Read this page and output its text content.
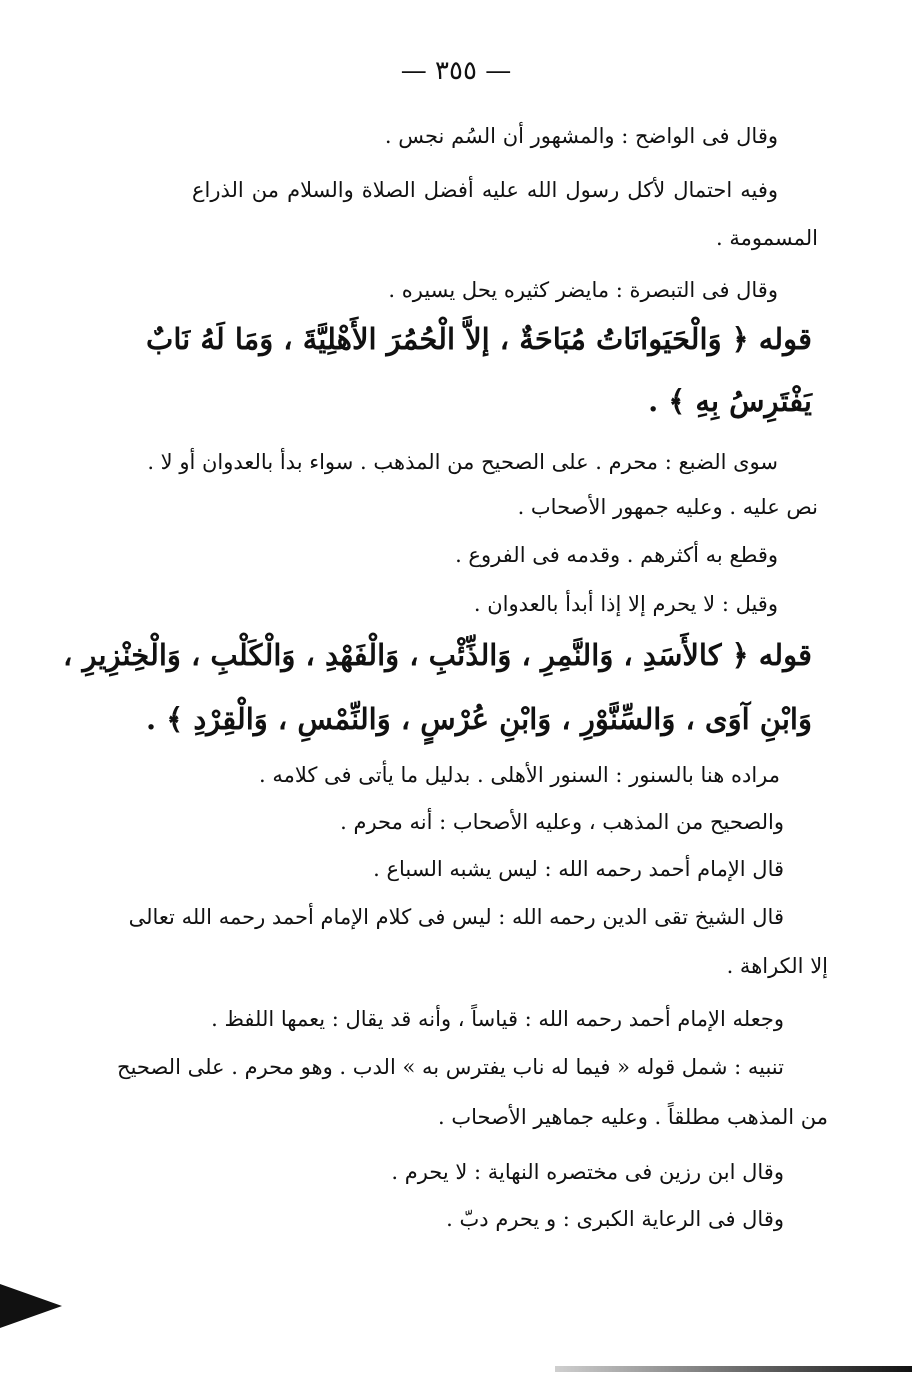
— ٣٥٥ —
وقال فى الواضح : والمشهور أن السُم نجس .
وفيه احتمال لأكل رسول الله عليه أفضل الصلاة والسلام من الذراع
المسمومة .
وقال فى التبصرة : مايضر كثيره يحل يسيره .
قوله ﴿ وَالْحَيَوانَاتُ مُبَاحَةٌ ، إلاَّ الْحُمُرَ الأَهْلِيَّةَ ، وَمَا لَهُ نَابٌ
يَفْتَرِسُ بِهِ ﴾ .
سوى الضبع : محرم . على الصحيح من المذهب . سواء بدأ بالعدوان أو لا .
نص عليه . وعليه جمهور الأصحاب .
وقطع به أكثرهم . وقدمه فى الفروع .
وقيل : لا يحرم إلا إذا أبدأ بالعدوان .
قوله ﴿ كالأَسَدِ ، وَالنَّمِرِ ، وَالذِّئْبِ ، وَالْفَهْدِ ، وَالْكَلْبِ ، وَالْخِنْزِيرِ ،
وَابْنِ آوَى ، وَالسِّنَّوْرِ ، وَابْنِ عُرْسٍ ، وَالنِّمْسِ ، وَالْقِرْدِ ﴾ .
مراده هنا بالسنور : السنور الأهلى . بدليل ما يأتى فى كلامه .
والصحيح من المذهب ، وعليه الأصحاب : أنه محرم .
قال الإمام أحمد رحمه الله : ليس يشبه السباع .
قال الشيخ تقى الدين رحمه الله : ليس فى كلام الإمام أحمد رحمه الله تعالى
إلا الكراهة .
وجعله الإمام أحمد رحمه الله : قياساً ، وأنه قد يقال : يعمها اللفظ .
تنبيه : شمل قوله « فيما له ناب يفترس به » الدب . وهو محرم . على الصحيح
من المذهب مطلقاً . وعليه جماهير الأصحاب .
وقال ابن رزين فى مختصره النهاية : لا يحرم .
وقال فى الرعاية الكبرى : و يحرم دبّ .
